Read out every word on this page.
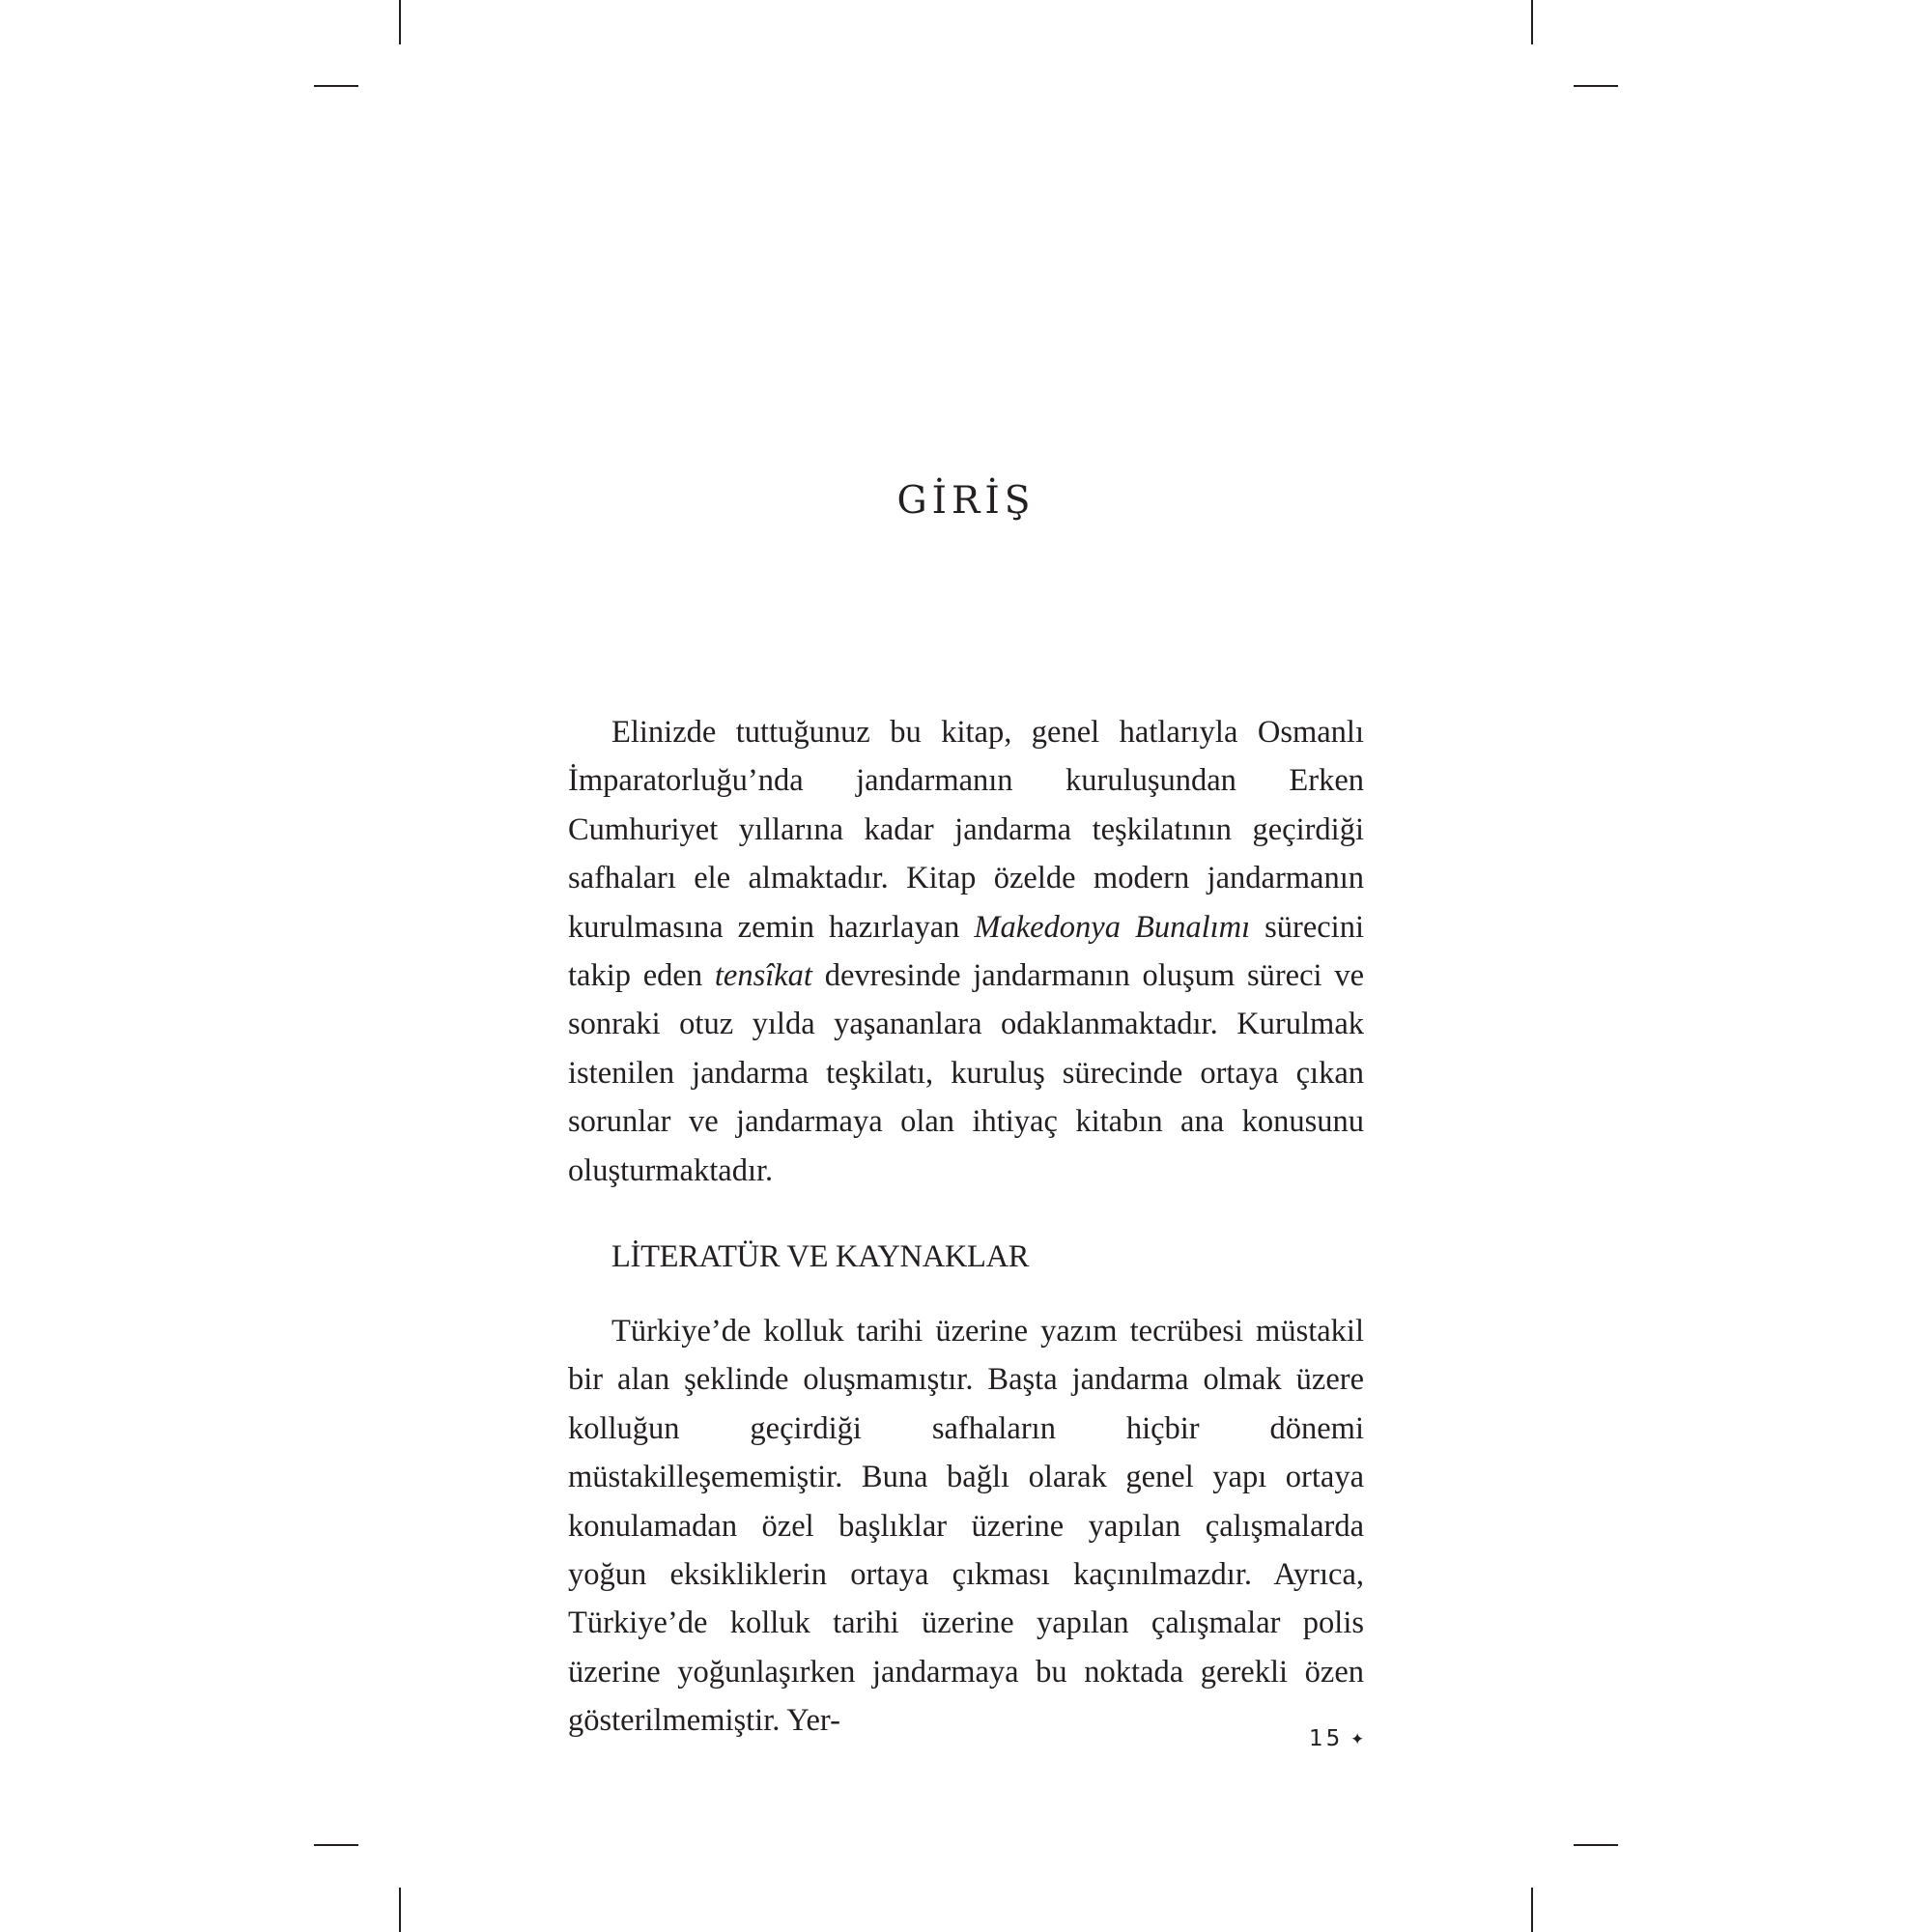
GİRİŞ

Elinizde tuttuğunuz bu kitap, genel hatlarıyla Osmanlı İmparatorluğu’nda jandarmanın kuruluşundan Erken Cumhuriyet yıllarına kadar jandarma teşkilatının geçirdiği safhaları ele almaktadır. Kitap özelde modern jandarmanın kurulmasına zemin hazırlayan Makedonya Bunalımı sürecini takip eden tensîkat devresinde jandarmanın oluşum süreci ve sonraki otuz yılda yaşananlara odaklanmaktadır. Kurulmak istenilen jandarma teşkilatı, kuruluş sürecinde ortaya çıkan sorunlar ve jandarmaya olan ihtiyaç kitabın ana konusunu oluşturmaktadır.

LİTERATÜR VE KAYNAKLAR

Türkiye’de kolluk tarihi üzerine yazım tecrübesi müstakil bir alan şeklinde oluşmamıştır. Başta jandarma olmak üzere kolluğun geçirdiği safhaların hiçbir dönemi müstakilleşememiştir. Buna bağlı olarak genel yapı ortaya konulamadan özel başlıklar üzerine yapılan çalışmalarda yoğun eksikliklerin ortaya çıkması kaçınılmazdır. Ayrıca, Türkiye’de kolluk tarihi üzerine yapılan çalışmalar polis üzerine yoğunlaşırken jandarmaya bu noktada gerekli özen gösterilmemiştir. Yer-

15 ✦
